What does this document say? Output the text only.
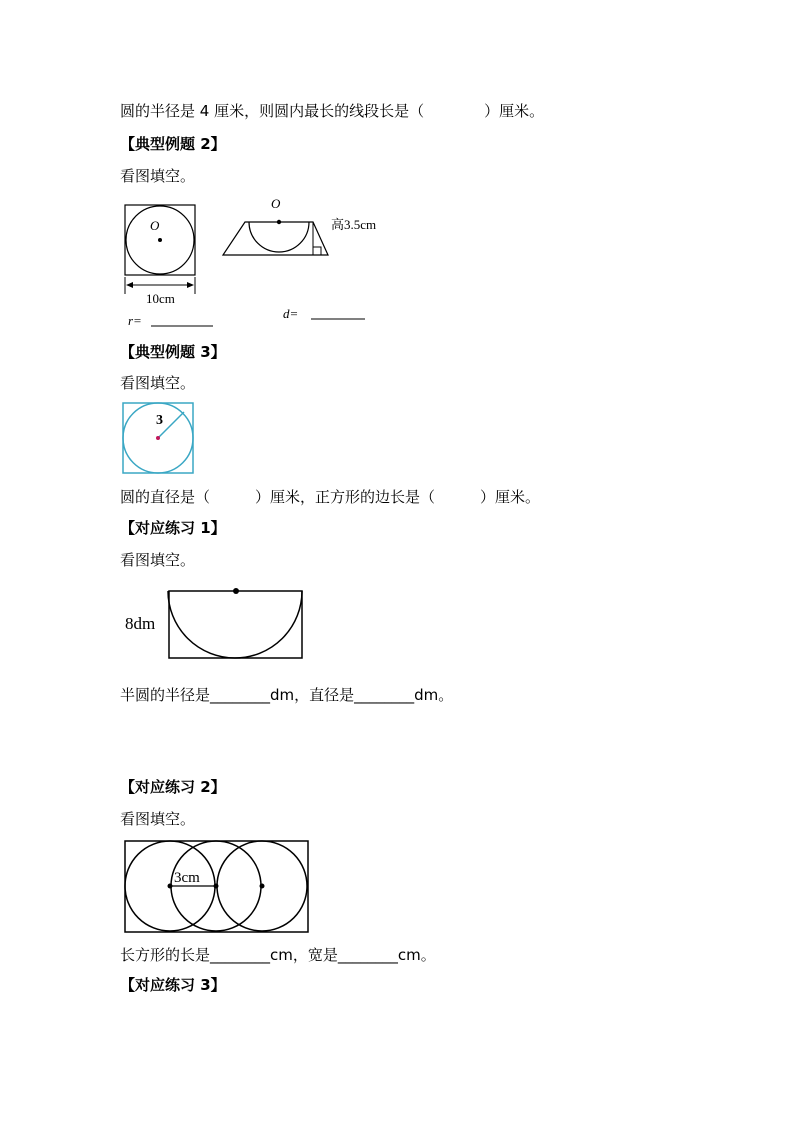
圆的半径是 4 厘米，则圆内最长的线段长是（　　　　）厘米。
【典型例题 2】
看图填空。
O
10cm
r=
O
高3.5cm
d=
【典型例题 3】
看图填空。
3
圆的直径是（　　　）厘米，正方形的边长是（　　　）厘米。
【对应练习 1】
看图填空。
8dm
半圆的半径是________dm，直径是________dm。
【对应练习 2】
看图填空。
3cm
长方形的长是________cm，宽是________cm。
【对应练习 3】
